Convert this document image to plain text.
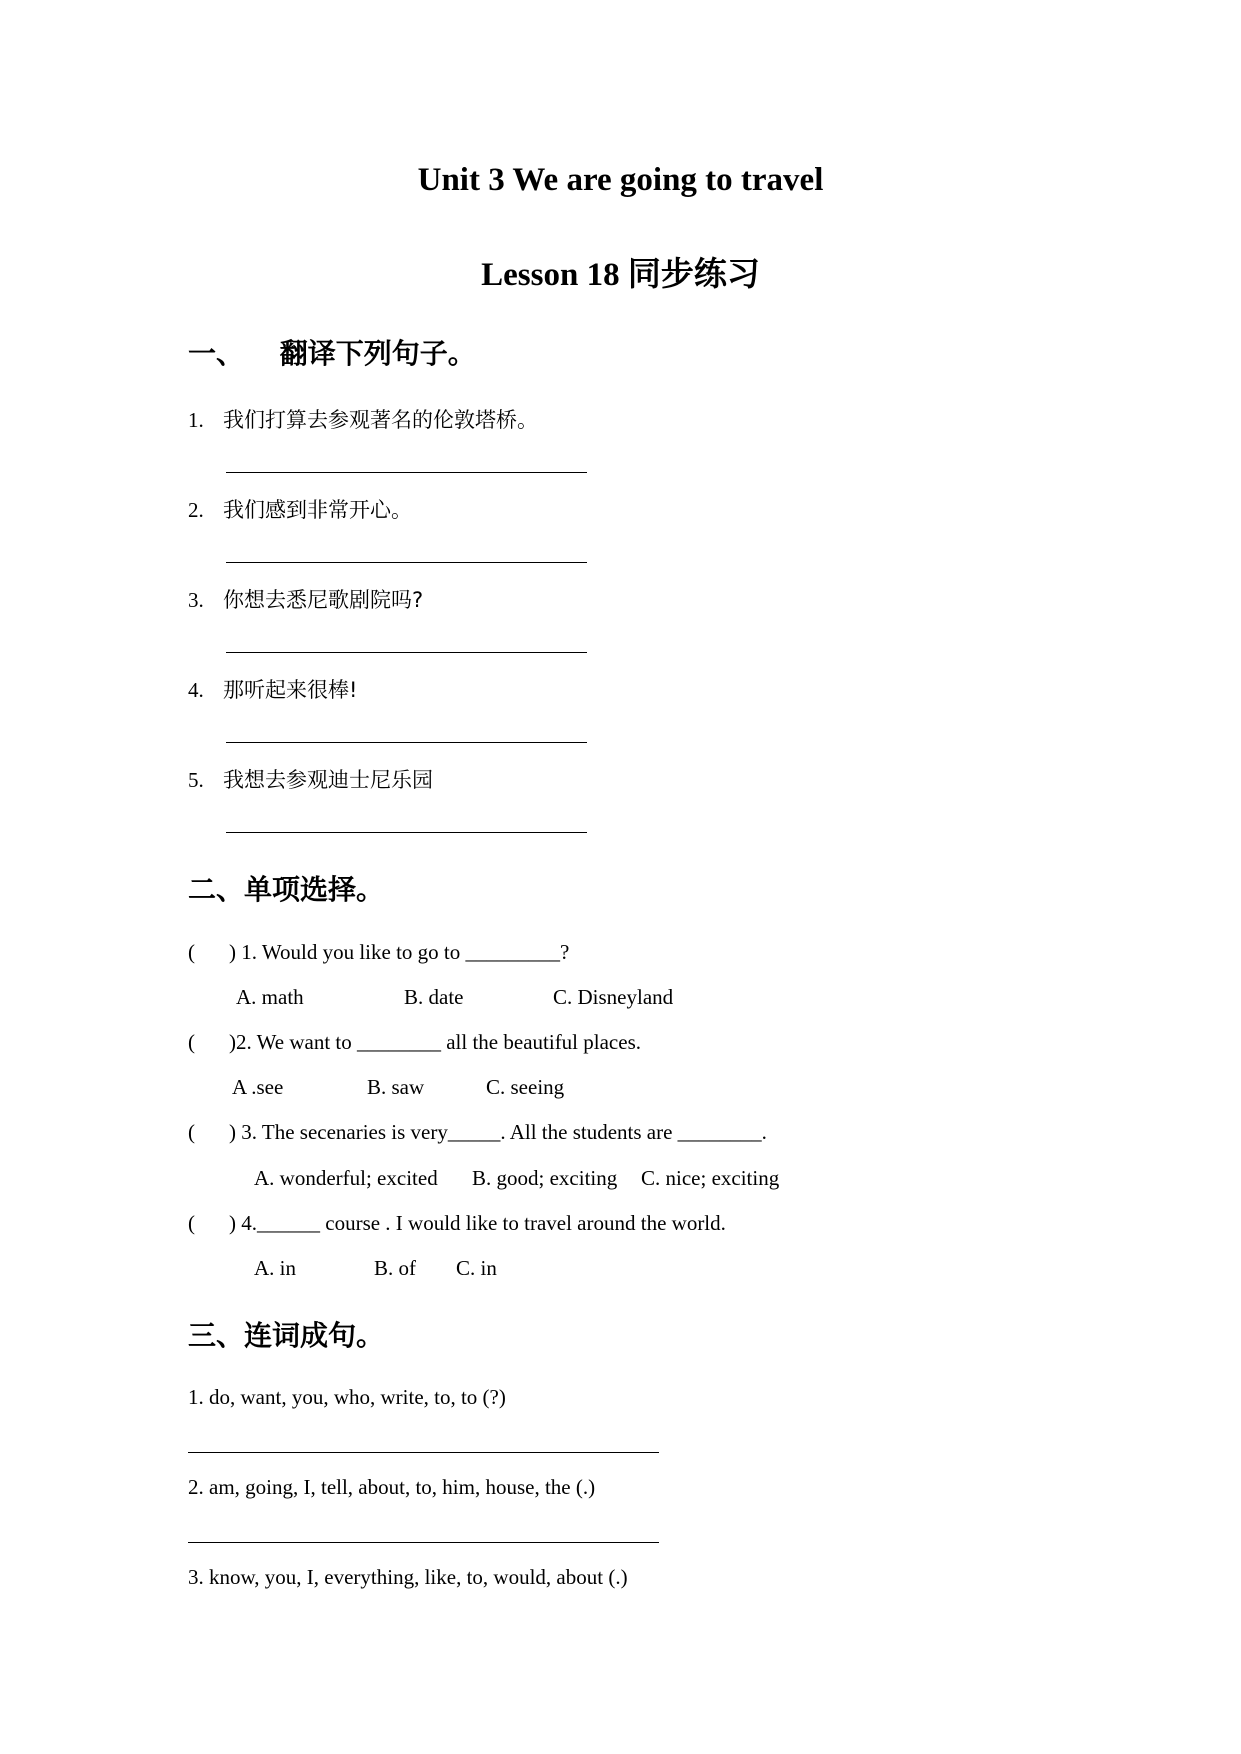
Unit 3 We are going to travel
Lesson 18 同步练习
一、 翻译下列句子。
1. 我们打算去参观著名的伦敦塔桥。
2. 我们感到非常开心。
3. 你想去悉尼歌剧院吗?
4. 那听起来很棒!
5. 我想去参观迪士尼乐园
二、单项选择。
( ) 1. Would you like to go to _________?
A. math	B. date	C. Disneyland
( )2. We want to ________ all the beautiful places.
A .see	B. saw	C. seeing
( ) 3. The secenaries is very_____. All the students are ________.
A. wonderful; excited B. good; exciting C. nice; exciting
( ) 4.______ course . I would like to travel around the world.
A. in	B. of C. in
三、连词成句。
1. do, want, you, who, write, to, to (?)
2. am, going, I, tell, about, to, him, house, the (.)
3. know, you, I, everything, like, to, would, about (.)
